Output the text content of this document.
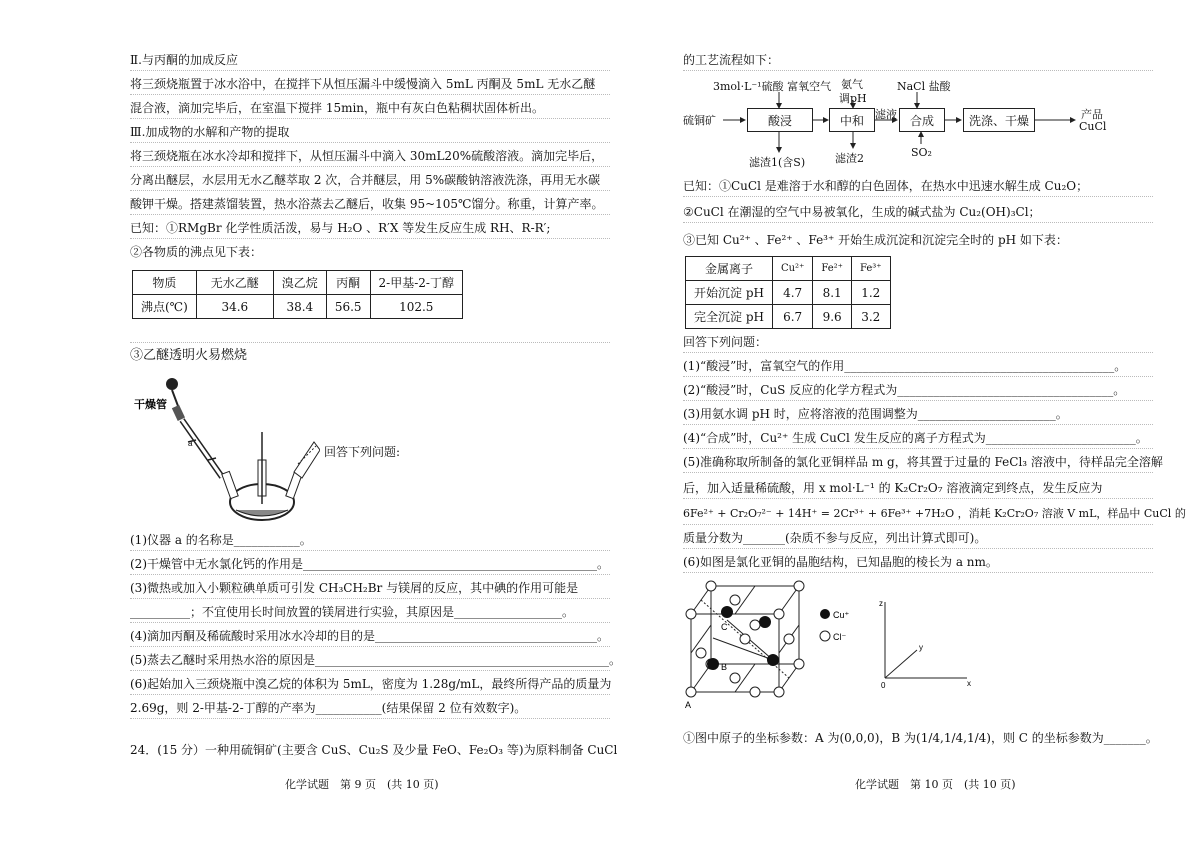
Ⅱ.与丙酮的加成反应
将三颈烧瓶置于冰水浴中，在搅拌下从恒压漏斗中缓慢滴入 5mL 丙酮及 5mL 无水乙醚
混合液，滴加完毕后，在室温下搅拌 15min，瓶中有灰白色粘稠状固体析出。
Ⅲ.加成物的水解和产物的提取
将三颈烧瓶在冰水冷却和搅拌下，从恒压漏斗中滴入 30mL20%硫酸溶液。滴加完毕后，
分离出醚层，水层用无水乙醚萃取 2 次，合并醚层，用 5%碳酸钠溶液洗涤，再用无水碳
酸钾干燥。搭建蒸馏装置，热水浴蒸去乙醚后，收集 95~105℃馏分。称重，计算产率。
已知：①RMgBr 化学性质活泼，易与 H₂O 、R′X 等发生反应生成 RH、R-R′;
②各物质的沸点见下表：
物质	无水乙醚	溴乙烷	丙酮	2-甲基-2-丁醇
沸点(℃)	34.6	38.4	56.5	102.5
③乙醚透明火易燃烧
干燥管
a
回答下列问题:
(1)仪器 a 的名称是___________。
(2)干燥管中无水氯化钙的作用是_________________________________________________。
(3)微热或加入小颗粒碘单质可引发 CH₃CH₂Br 与镁屑的反应，其中碘的作用可能是
__________；不宜使用长时间放置的镁屑进行实验，其原因是__________________。
(4)滴加丙酮及稀硫酸时采用冰水冷却的目的是_____________________________________。
(5)蒸去乙醚时采用热水浴的原因是_________________________________________________。
(6)起始加入三颈烧瓶中溴乙烷的体积为 5mL，密度为 1.28g/mL，最终所得产品的质量为
2.69g，则 2-甲基-2-丁醇的产率为___________(结果保留 2 位有效数字)。
24．(15 分）一种用硫铜矿(主要含 CuS、Cu₂S 及少量 FeO、Fe₂O₃ 等)为原料制备 CuCl
化学试题　第 9 页　(共 10 页)
的工艺流程如下：
3mol·L⁻¹硫酸 富氧空气 氨气
调pH
NaCl 盐酸
硫铜矿	酸浸	中和	滤液	合成	洗涤、干燥	产品
CuCl
滤渣1(含S)	滤渣2	SO₂
已知：①CuCl 是难溶于水和醇的白色固体，在热水中迅速水解生成 Cu₂O；
②CuCl 在潮湿的空气中易被氧化，生成的碱式盐为 Cu₂(OH)₃Cl；
③已知 Cu²⁺ 、Fe²⁺ 、Fe³⁺ 开始生成沉淀和沉淀完全时的 pH 如下表：
金属离子	Cu²⁺	Fe²⁺	Fe³⁺
开始沉淀 pH	4.7	8.1	1.2
完全沉淀 pH	6.7	9.6	3.2
回答下列问题：
(1)“酸浸”时，富氧空气的作用_____________________________________________。
(2)“酸浸”时，CuS 反应的化学方程式为____________________________________。
(3)用氨水调 pH 时，应将溶液的范围调整为_______________________。
(4)“合成”时，Cu²⁺ 生成 CuCl 发生反应的离子方程式为_________________________。
(5)准确称取所制备的氯化亚铜样品 m g，将其置于过量的 FeCl₃ 溶液中，待样品完全溶解
后，加入适量稀硫酸，用 x mol·L⁻¹ 的 K₂Cr₂O₇ 溶液滴定到终点，发生反应为
6Fe²⁺ + Cr₂O₇²⁻ + 14H⁺ = 2Cr³⁺ + 6Fe³⁺ +7H₂O ，消耗 K₂Cr₂O₇ 溶液 V mL，样品中 CuCl 的
质量分数为_______(杂质不参与反应，列出计算式即可)。
(6)如图是氯化亚铜的晶胞结构，已知晶胞的棱长为 a nm。
C
B
A
Cu⁺
Cl⁻
z
y
x
0
①图中原子的坐标参数：A 为(0,0,0)，B 为(1/4,1/4,1/4)，则 C 的坐标参数为_______。
化学试题　第 10 页　(共 10 页)
